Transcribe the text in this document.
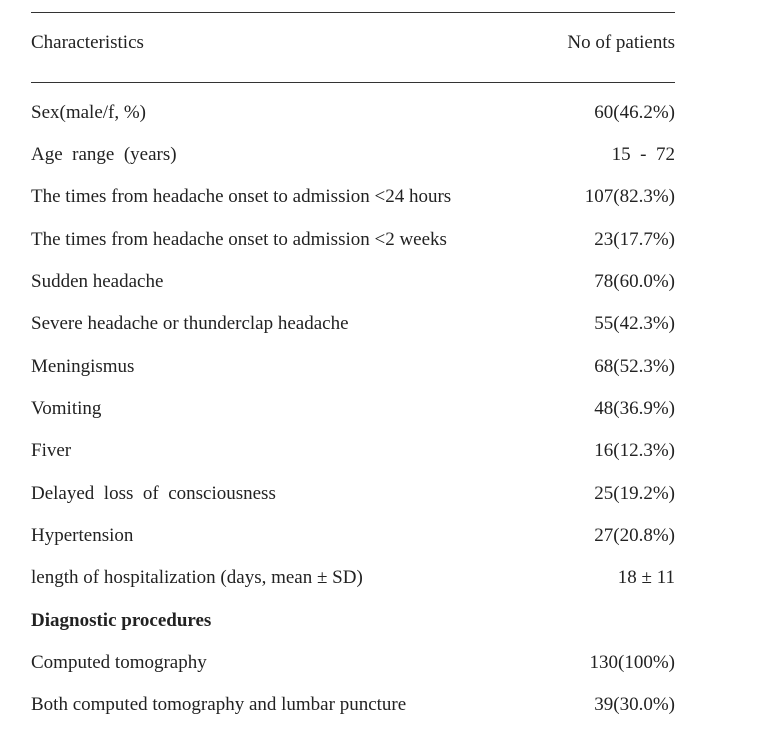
Characteristics	No of patients
Sex(male/f, %)	60(46.2%)
Age  range  (years)	15  -  72
The times from headache onset to admission <24 hours	107(82.3%)
The times from headache onset to admission <2 weeks	23(17.7%)
Sudden headache	78(60.0%)
Severe headache or thunderclap headache	55(42.3%)
Meningismus	68(52.3%)
Vomiting	48(36.9%)
Fiver	16(12.3%)
Delayed  loss  of  consciousness	25(19.2%)
Hypertension	27(20.8%)
length of hospitalization (days, mean ± SD)	18 ± 11
Diagnostic procedures
Computed tomography	130(100%)
Both computed tomography and lumbar puncture	39(30.0%)
